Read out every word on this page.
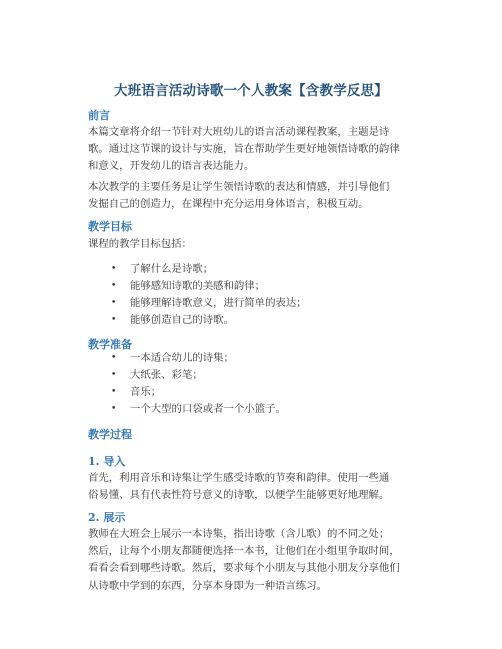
大班语言活动诗歌一个人教案【含教学反思】
前言
本篇文章将介绍一节针对大班幼儿的语言活动课程教案，主题是诗
歌。通过这节课的设计与实施，旨在帮助学生更好地领悟诗歌的韵律
和意义，开发幼儿的语言表达能力。
本次教学的主要任务是让学生领悟诗歌的表达和情感，并引导他们
发掘自己的创造力，在课程中充分运用身体语言，积极互动。
教学目标
课程的教学目标包括：
• 了解什么是诗歌；
• 能够感知诗歌的美感和韵律；
• 能够理解诗歌意义，进行简单的表达；
• 能够创造自己的诗歌。
教学准备
• 一本适合幼儿的诗集；
• 大纸张、彩笔；
• 音乐；
• 一个大型的口袋或者一个小篮子。
教学过程
1. 导入
首先，利用音乐和诗集让学生感受诗歌的节奏和韵律。使用一些通
俗易懂、具有代表性符号意义的诗歌，以便学生能够更好地理解。
2. 展示
教师在大班会上展示一本诗集，指出诗歌（含儿歌）的不同之处；
然后，让每个小朋友都随便选择一本书，让他们在小组里争取时间，
看看会看到哪些诗歌。然后，要求每个小朋友与其他小朋友分享他们
从诗歌中学到的东西，分享本身即为一种语言练习。
